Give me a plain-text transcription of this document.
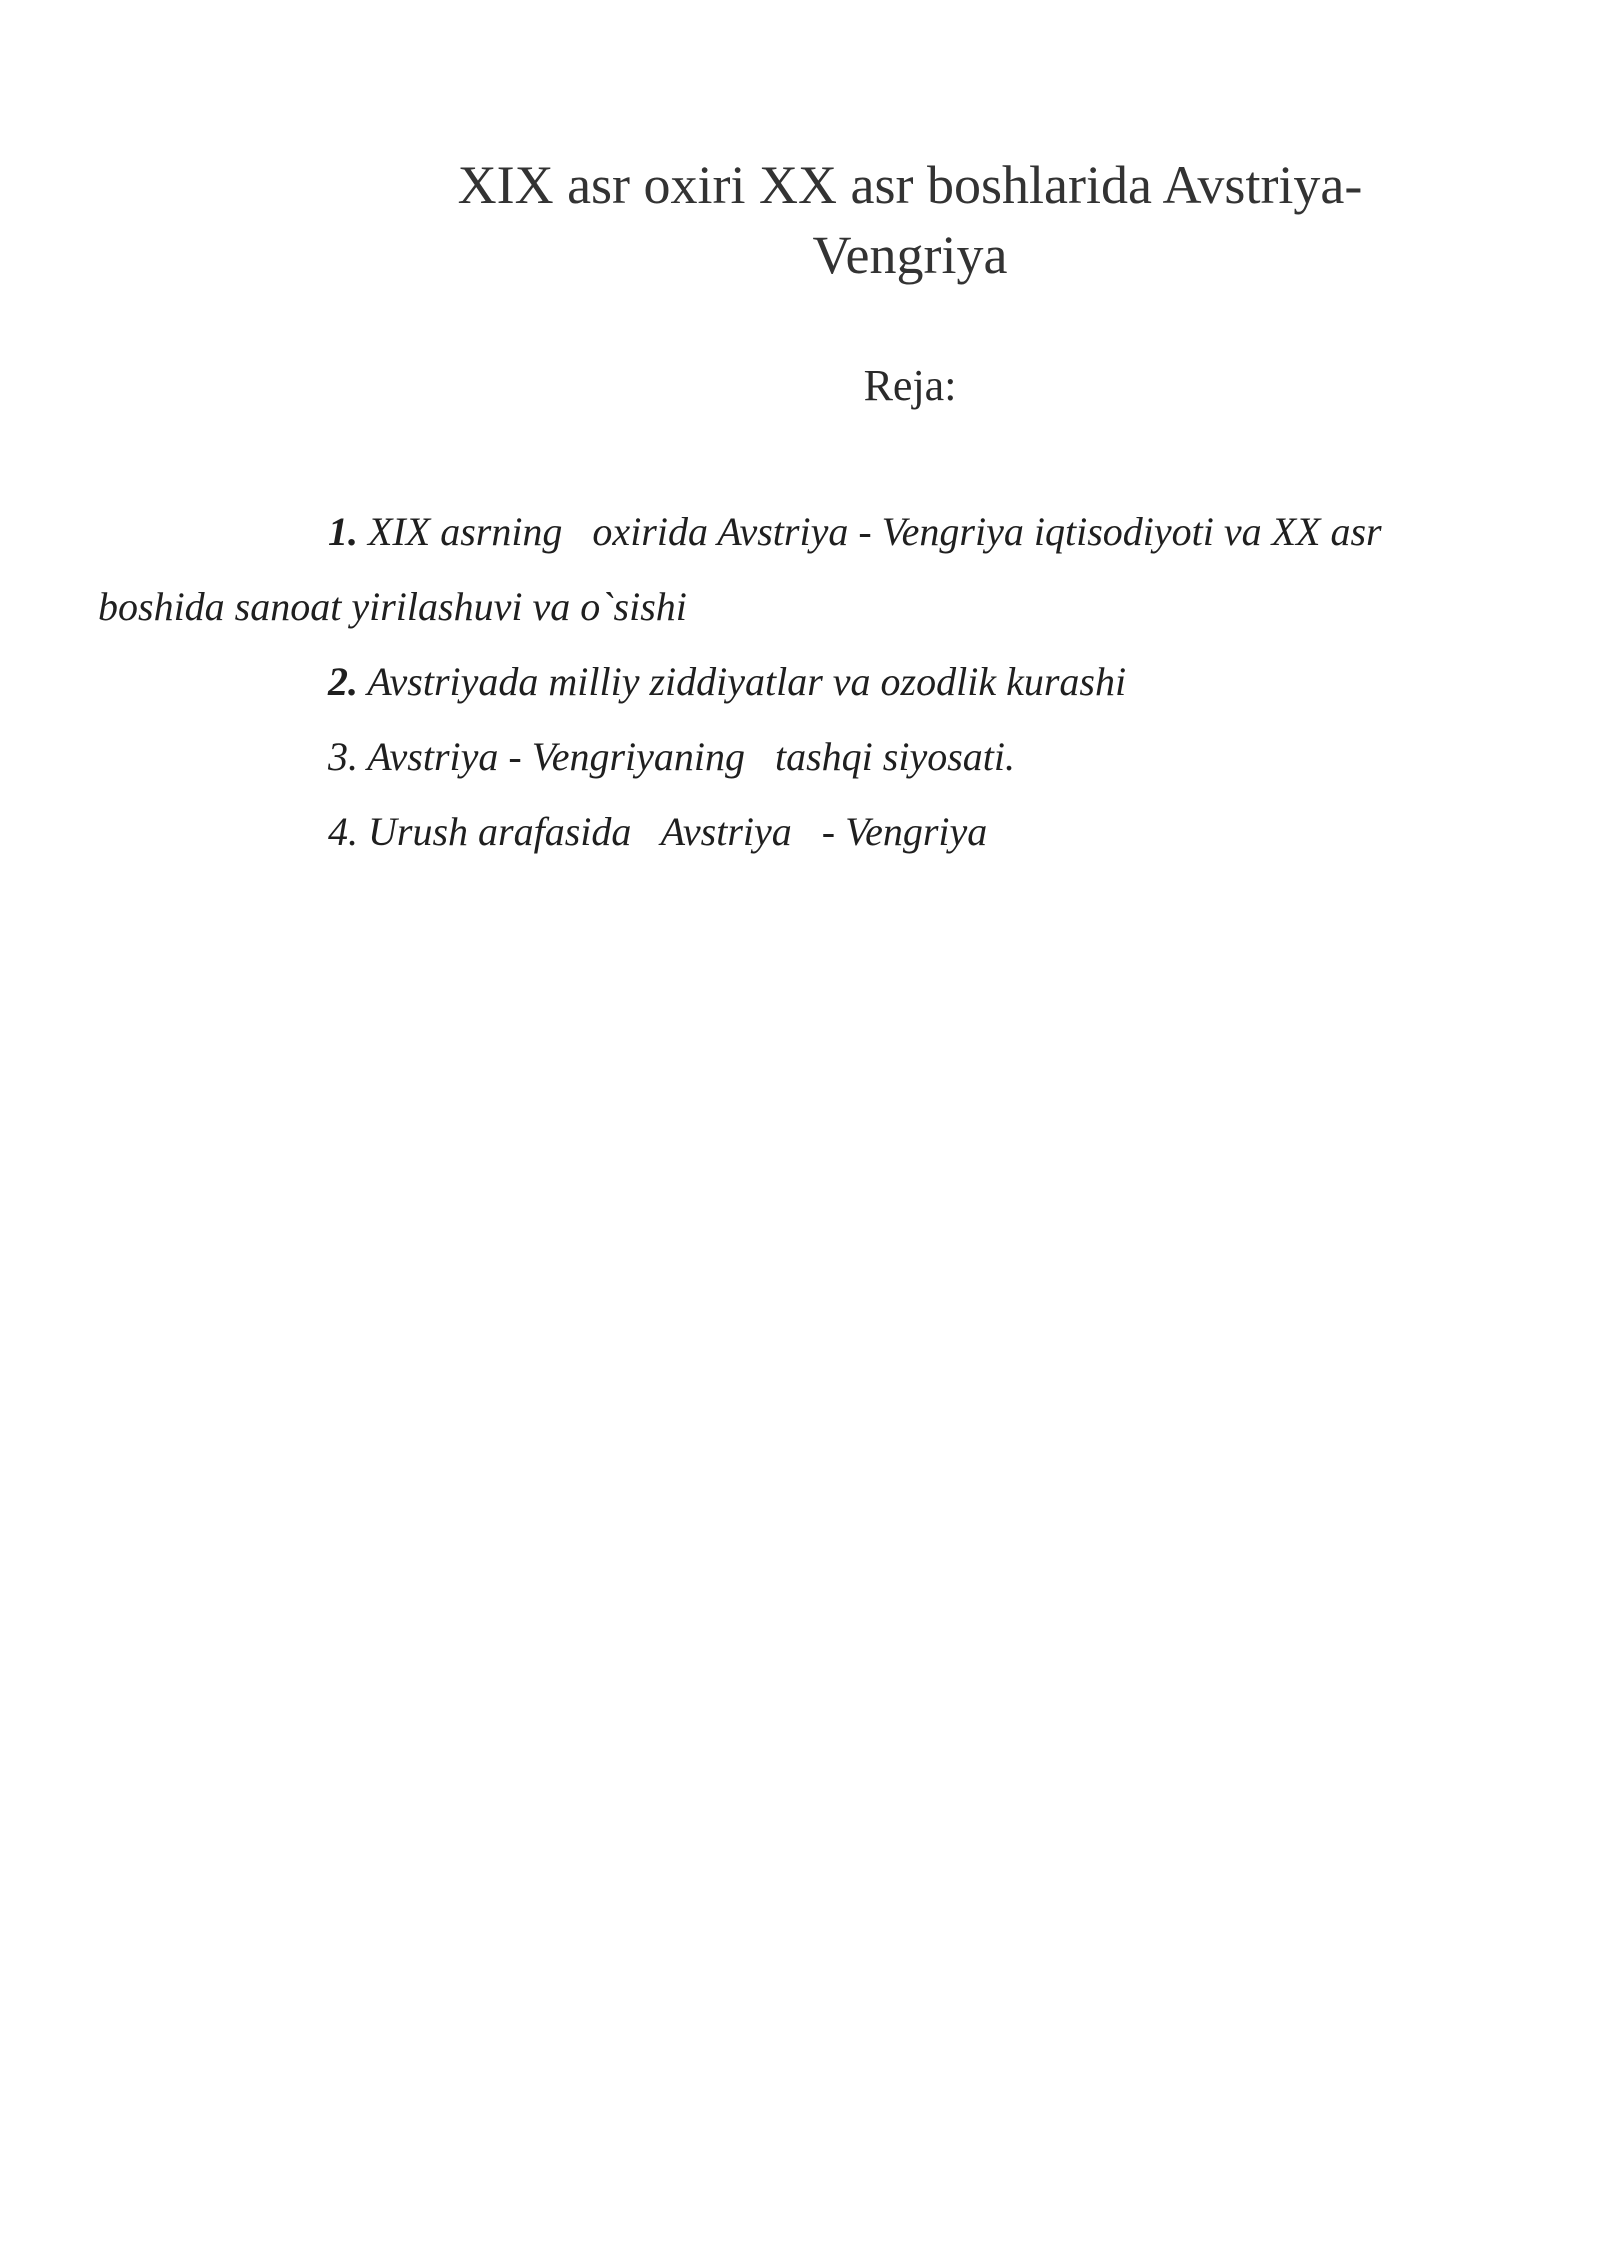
XIX asr oxiri XX asr boshlarida Avstriya-
Vengriya

Reja:

1. XIX asrning   oxirida Avstriya - Vengriya iqtisodiyoti va XX asr
boshida sanoat yirilashuvi va o`sishi
2. Avstriyada milliy ziddiyatlar va ozodlik kurashi
3. Avstriya - Vengriyaning   tashqi siyosati.
4. Urush arafasida   Avstriya   - Vengriya
